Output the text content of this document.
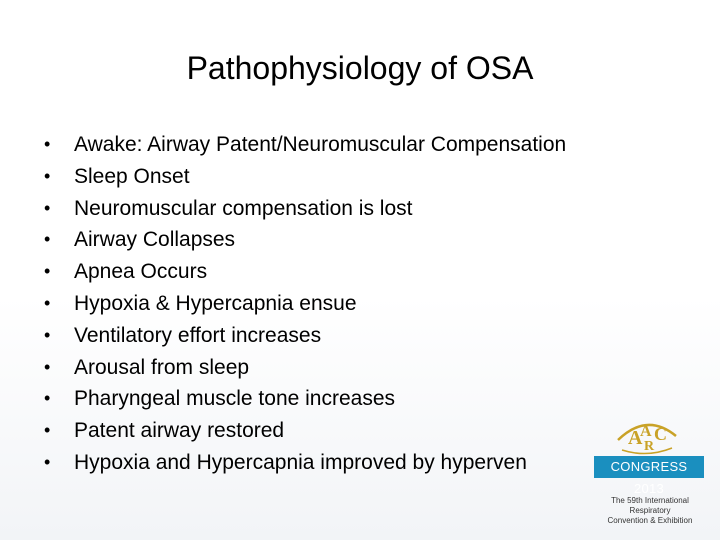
Pathophysiology of OSA
• Awake: Airway Patent/Neuromuscular Compensation
• Sleep Onset
• Neuromuscular compensation is lost
• Airway Collapses
• Apnea Occurs
• Hypoxia & Hypercapnia ensue
• Ventilatory effort increases
• Arousal from sleep
• Pharyngeal muscle tone increases
• Patent airway restored
• Hypoxia and Hypercapnia improved by hyperven
A
A C
R
CONGRESS 2013
The 59th International Respiratory
Convention & Exhibition
